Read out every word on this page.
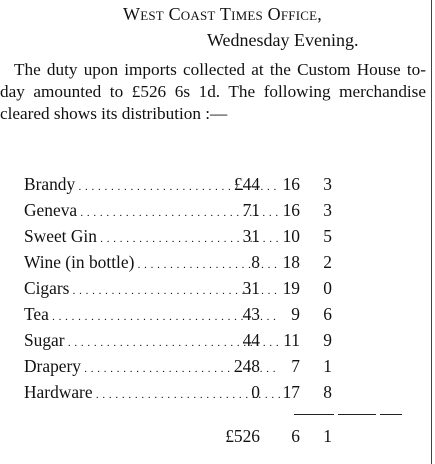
West Coast Times Office,
Wednesday Evening.
The duty upon imports collected at the Custom House to-day amounted to £526 6s 1d. The following merchandise cleared shows its distribution :—
Brandy . . .	£44 16	3
Geneva . . .	71 16	3
Sweet Gin . . .	31 10	5
Wine (in bottle) . . .	8 18	2
Cigars . . .	31 19	0
Tea . . .	43 9	6
Sugar . . .	44 11	9
Drapery . . .	248 7	1
Hardware . . .	0 17	8
£526 6	1
